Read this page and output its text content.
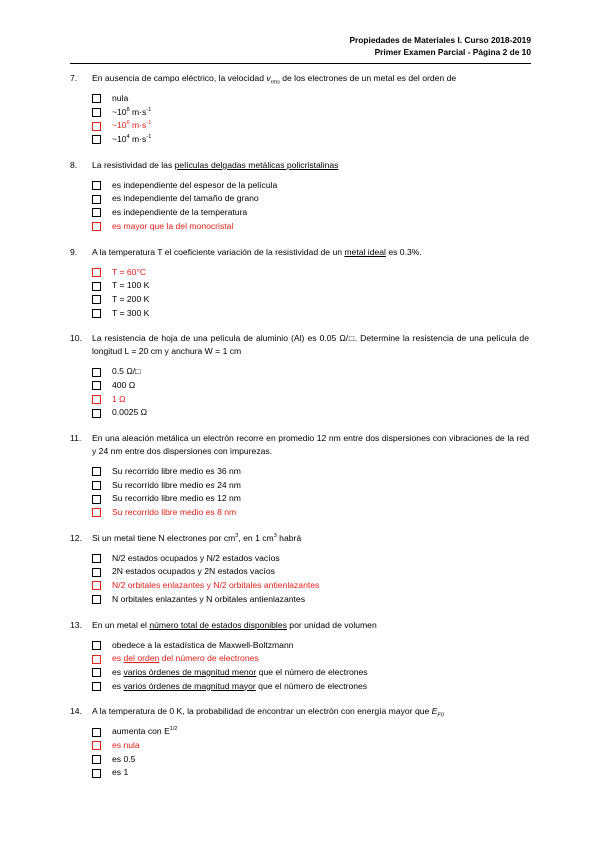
Propiedades de Materiales I. Curso 2018-2019
Primer Examen Parcial - Página 2 de 10
7.	En ausencia de campo eléctrico, la velocidad $v_{rms}$ de los electrones de un metal es del orden de
nula
$\sim 10^8$ $m\cdot s^{-1}$
$\sim 10^6$ $m\cdot s^{-1}$
$\sim 10^4$ $m\cdot s^{-1}$
8.	La resistividad de las películas delgadas metálicas policristalinas
es independiente del espesor de la película
es independiente del tamaño de grano
es independiente de la temperatura
es mayor que la del monocristal
9.	A la temperatura T el coeficiente variación de la resistividad de un metal ideal es 0.3%.
T = 60°C
T = 100 K
T = 200 K
T = 300 K
10.	La resistencia de hoja de una película de aluminio (Al) es 0.05 Ω/□. Determine la resistencia de una película de longitud L = 20 cm y anchura W = 1 cm
0.5 Ω/□
400 Ω
1 Ω
0.0025 Ω
11.	En una aleación metálica un electrón recorre en promedio 12 nm entre dos dispersiones con vibraciones de la red y 24 nm entre dos dispersiones con impurezas.
Su recorrido libre medio es 36 nm
Su recorrido libre medio es 24 nm
Su recorrido libre medio es 12 nm
Su recorrido libre medio es 8 nm
12.	Si un metal tiene N electrones por $cm^3$, en 1 $cm^3$ habrá
N/2 estados ocupados y N/2 estados vacíos
2N estados ocupados y 2N estados vacíos
N/2 orbitales enlazantes y N/2 orbitales antienlazantes
N orbitales enlazantes y N orbitales antienlazantes
13.	En un metal el número total de estados disponibles por unidad de volumen
obedece a la estadística de Maxwell-Boltzmann
es del orden del número de electrones
es varios órdenes de magnitud menor que el número de electrones
es varios órdenes de magnitud mayor que el número de electrones
14.	A la temperatura de 0 K, la probabilidad de encontrar un electrón con energía mayor que $E_{F0}$
aumenta con $E^{1/2}$
es nula
es 0.5
es 1
